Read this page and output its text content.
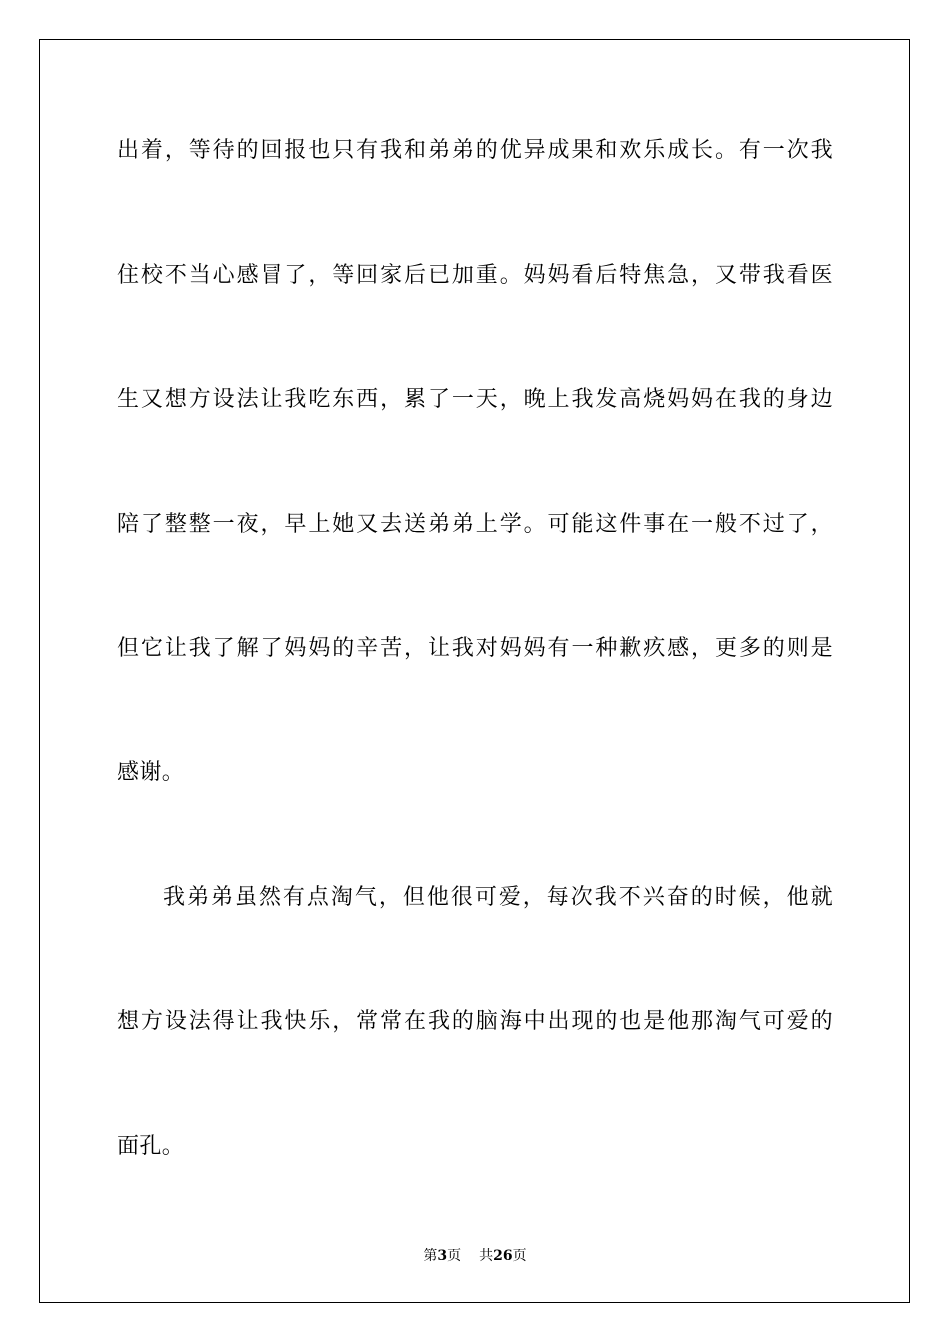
出着，等待的回报也只有我和弟弟的优异成果和欢乐成长。有一次我
住校不当心感冒了，等回家后已加重。妈妈看后特焦急，又带我看医
生又想方设法让我吃东西，累了一天，晚上我发高烧妈妈在我的身边
陪了整整一夜，早上她又去送弟弟上学。可能这件事在一般不过了，
但它让我了解了妈妈的辛苦，让我对妈妈有一种歉疚感，更多的则是
感谢。
我弟弟虽然有点淘气，但他很可爱，每次我不兴奋的时候，他就
想方设法得让我快乐，常常在我的脑海中出现的也是他那淘气可爱的
面孔。
第3页 共26页
